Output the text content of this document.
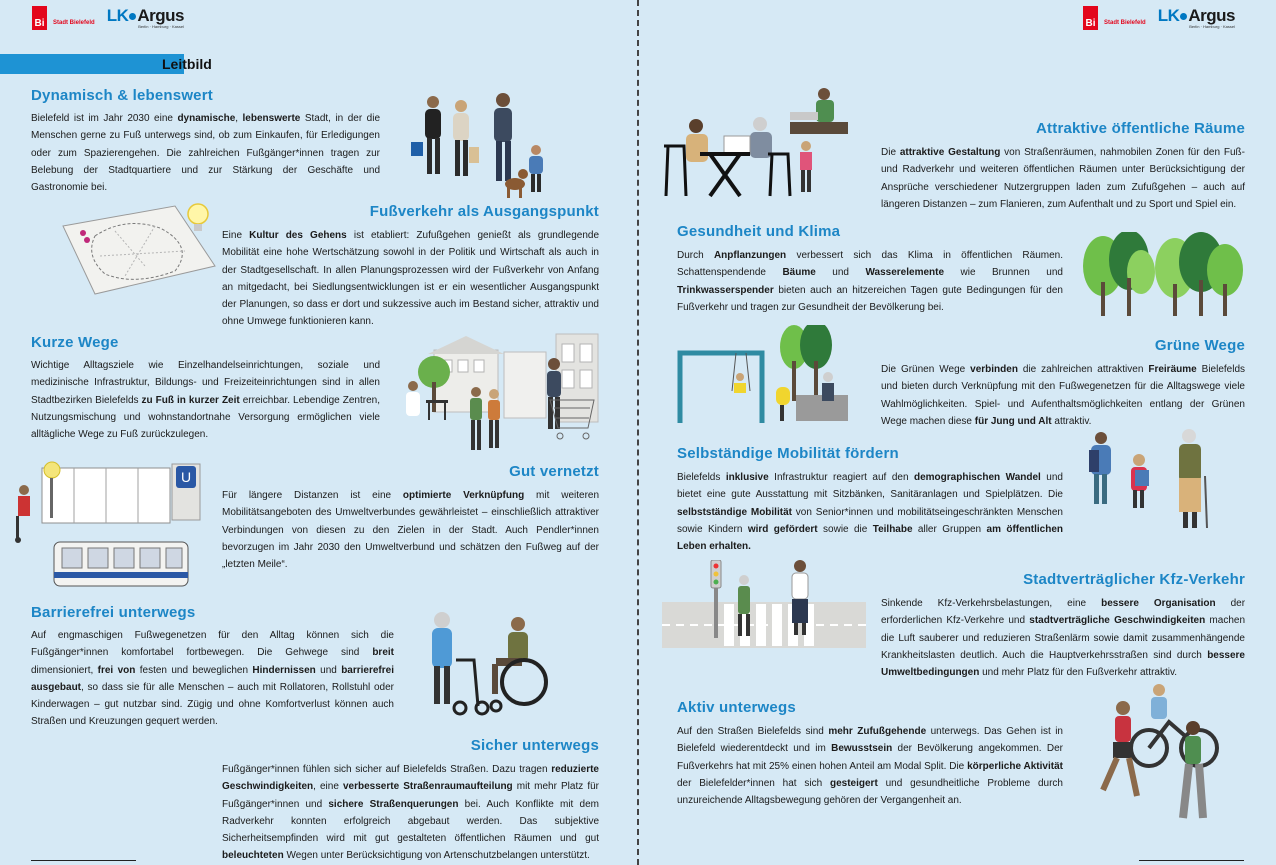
Bi	Stadt Bielefeld LK Argus
Berlin · Hamburg · Kassel
Leitbild
Dynamisch & lebenswert

Bielefeld ist im Jahr 2030 eine dynamische, lebenswerte Stadt, in der die Menschen gerne zu Fuß unterwegs sind, ob zum Einkaufen, für Erledigungen oder zum Spazierengehen. Die zahlreichen Fußgänger*innen tragen zur Belebung der Stadtquartiere und zur Stärkung der Geschäfte und Gastronomie bei.

Fußverkehr als Ausgangspunkt

Eine Kultur des Gehens ist etabliert: Zufußgehen genießt als grundlegende Mobilität eine hohe Wertschätzung sowohl in der Politik und Wirtschaft als auch in der Stadtgesellschaft. In allen Planungsprozessen wird der Fußverkehr von Anfang an mitgedacht, bei Siedlungsentwicklungen ist er ein wesentlicher Ausgangspunkt der Planungen, so dass er dort und sukzessive auch im Bestand sicher, attraktiv und ohne Umwege funktionieren kann.

Kurze Wege

Wichtige Alltagsziele wie Einzelhandelseinrichtungen, soziale und medizinische Infrastruktur, Bildungs- und Freizeiteinrichtungen sind in allen Stadtbezirken Bielefelds zu Fuß in kurzer Zeit erreichbar. Lebendige Zentren, Nutzungsmischung und wohnstandortnahe Versorgung ermöglichen viele alltägliche Wege zu Fuß zurückzulegen.

U	Gut vernetzt

Für längere Distanzen ist eine optimierte Verknüpfung mit weiteren Mobilitätsangeboten des Umweltverbundes gewährleistet – einschließlich attraktiver Verbindungen von diesen zu den Zielen in der Stadt. Auch Pendler*innen bevorzugen im Jahr 2030 den Umweltverbund und schätzen den Fußweg auf der „letzten Meile“.

Barrierefrei unterwegs

Auf engmaschigen Fußwegenetzen für den Alltag können sich die Fußgänger*innen komfortabel fortbewegen. Die Gehwege sind breit dimensioniert, frei von festen und beweglichen Hindernissen und barrierefrei ausgebaut, so dass sie für alle Menschen – auch mit Rollatoren, Rollstuhl oder Kinderwagen – gut nutzbar sind. Zügig und ohne Komfortverlust können auch Straßen und Kreuzungen gequert werden.

Sicher unterwegs

Fußgänger*innen fühlen sich sicher auf Bielefelds Straßen. Dazu tragen reduzierte Geschwindigkeiten, eine verbesserte Straßenraumaufteilung mit mehr Platz für Fußgänger*innen und sichere Straßenquerungen bei. Auch Konflikte mit dem Radverkehr konnten erfolgreich abgebaut werden. Das subjektive Sicherheitsempfinden wird mit gut gestalteten öffentlichen Räumen und gut beleuchteten Wegen unter Berücksichtigung von Artenschutzbelangen unterstützt.

Bi	Stadt Bielefeld LK Argus
Berlin · Hamburg · Kassel
Attraktive öffentliche Räume

Die attraktive Gestaltung von Straßenräumen, nahmobilen Zonen für den Fuß- und Radverkehr und weiteren öffentlichen Räumen unter Berücksichtigung der Ansprüche verschiedener Nutzergruppen laden zum Zufußgehen – auch auf längeren Distanzen – zum Flanieren, zum Aufenthalt und zu Sport und Spiel ein.

Gesundheit und Klima

Durch Anpflanzungen verbessert sich das Klima in öffentlichen Räumen. Schattenspendende Bäume und Wasserelemente wie Brunnen und Trinkwasserspender bieten auch an hitzereichen Tagen gute Bedingungen für den Fußverkehr und tragen zur Gesundheit der Bevölkerung bei.

Grüne Wege

Die Grünen Wege verbinden die zahlreichen attraktiven Freiräume Bielefelds und bieten durch Verknüpfung mit den Fußwegenetzen für die Alltagswege viele Wahlmöglichkeiten. Spiel- und Aufenthaltsmöglichkeiten entlang der Grünen Wege machen diese für Jung und Alt attraktiv.

Selbständige Mobilität fördern

Bielefelds inklusive Infrastruktur reagiert auf den demographischen Wandel und bietet eine gute Ausstattung mit Sitzbänken, Sanitäranlagen und Spielplätzen. Die selbstständige Mobilität von Senior*innen und mobilitätseingeschränkten Menschen sowie Kindern wird gefördert sowie die Teilhabe aller Gruppen am öffentlichen Leben erhalten.

Stadtverträglicher Kfz-Verkehr

Sinkende Kfz-Verkehrsbelastungen, eine bessere Organisation der erforderlichen Kfz-Verkehre und stadtverträgliche Geschwindigkeiten machen die Luft sauberer und reduzieren Straßenlärm sowie damit zusammenhängende Krankheitslasten deutlich. Auch die Hauptverkehrsstraßen sind durch bessere Umweltbedingungen und mehr Platz für den Fußverkehr attraktiv.

Aktiv unterwegs

Auf den Straßen Bielefelds sind mehr Zufußgehende unterwegs. Das Gehen ist in Bielefeld wiederentdeckt und im Bewusstsein der Bevölkerung angekommen. Der Fußverkehrs hat mit 25% einen hohen Anteil am Modal Split. Die körperliche Aktivität der Bielefelder*innen hat sich gesteigert und gesundheitliche Probleme durch unzureichende Alltagsbewegung gehören der Vergangenheit an.
